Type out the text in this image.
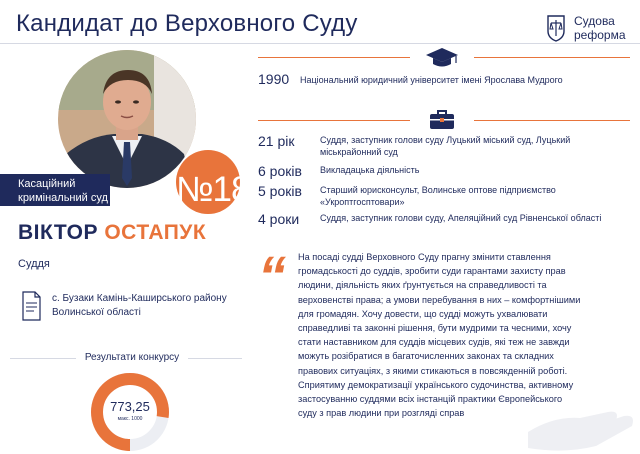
Кандидат до Верховного Суду	Судова
реформа
Касаційний
кримінальний суд №18
ВІКТОР ОСТАПУК
Суддя
с. Бузаки Камінь-Каширського району
Волинської області
Результати конкурсу
773,25
макс. 1000
1990 Національний юридичний університет імені Ярослава Мудрого
21 рік	Суддя, заступник голови суду Луцький міський суд, Луцький
міськрайонний суд
6 років	Викладацька діяльність
5 років	Старший юрисконсульт, Волинське оптове підприємство
«Укроптгосптовари»
4 роки	Суддя, заступник голови суду, Апеляційний суд Рівненської області
“ На посаді судді Верховного Суду прагну змінити ставлення
громадськості до суддів, зробити суди гарантами захисту прав
людини, діяльність яких ґрунтується на справедливості та
верховенстві права; а умови перебування в них – комфортнішими
для громадян. Хочу довести, що судді можуть ухвалювати
справедливі та законні рішення, бути мудрими та чесними, хочу
стати наставником для суддів місцевих судів, які теж не завжди
можуть розібратися в багаточисленних законах та складних
правових ситуаціях, з якими стикаються в повсякденній роботі.
Сприятиму демократизації українського судочинства, активному
застосуванню суддями всіх інстанцій практики Європейського
суду з прав людини при розгляді справ
